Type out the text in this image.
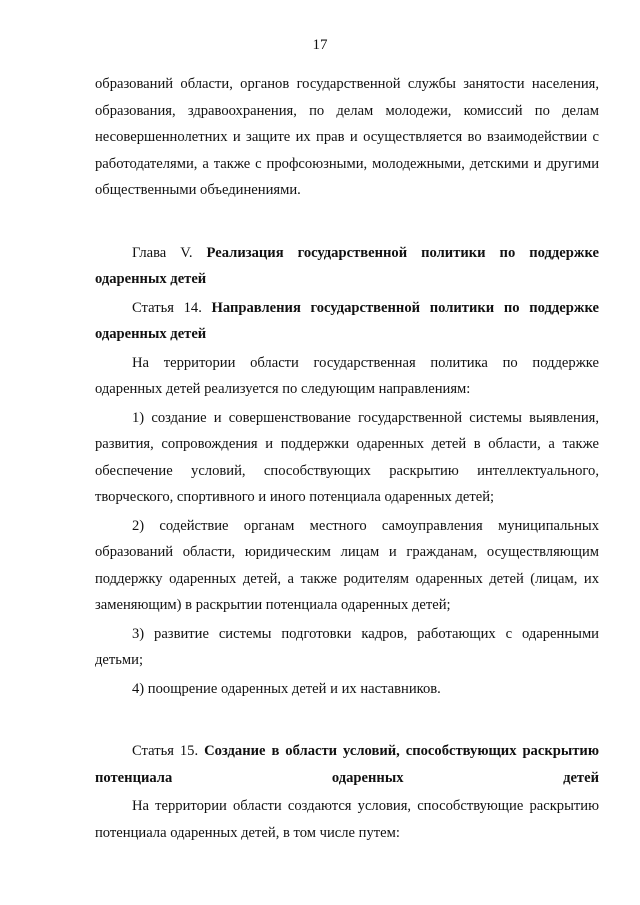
17

образований области, органов государственной службы занятости населения, образования, здравоохранения, по делам молодежи, комиссий по делам несовершеннолетних и защите их прав и осуществляется во взаимодействии с работодателями, а также с профсоюзными, молодежными, детскими и другими общественными объединениями.

Глава V. Реализация государственной политики по поддержке одаренных детей

Статья 14. Направления государственной политики по поддержке одаренных детей

На территории области государственная политика по поддержке одаренных детей реализуется по следующим направлениям:

1) создание и совершенствование государственной системы выявления, развития, сопровождения и поддержки одаренных детей в области, а также обеспечение условий, способствующих раскрытию интеллектуального, творческого, спортивного и иного потенциала одаренных детей;

2) содействие органам местного самоуправления муниципальных образований области, юридическим лицам и гражданам, осуществляющим поддержку одаренных детей, а также родителям одаренных детей (лицам, их заменяющим) в раскрытии потенциала одаренных детей;

3) развитие системы подготовки кадров, работающих с одаренными детьми;

4) поощрение одаренных детей и их наставников.

Статья 15. Создание в области условий, способствующих раскрытию потенциала одаренных детей

На территории области создаются условия, способствующие раскрытию потенциала одаренных детей, в том числе путем:
